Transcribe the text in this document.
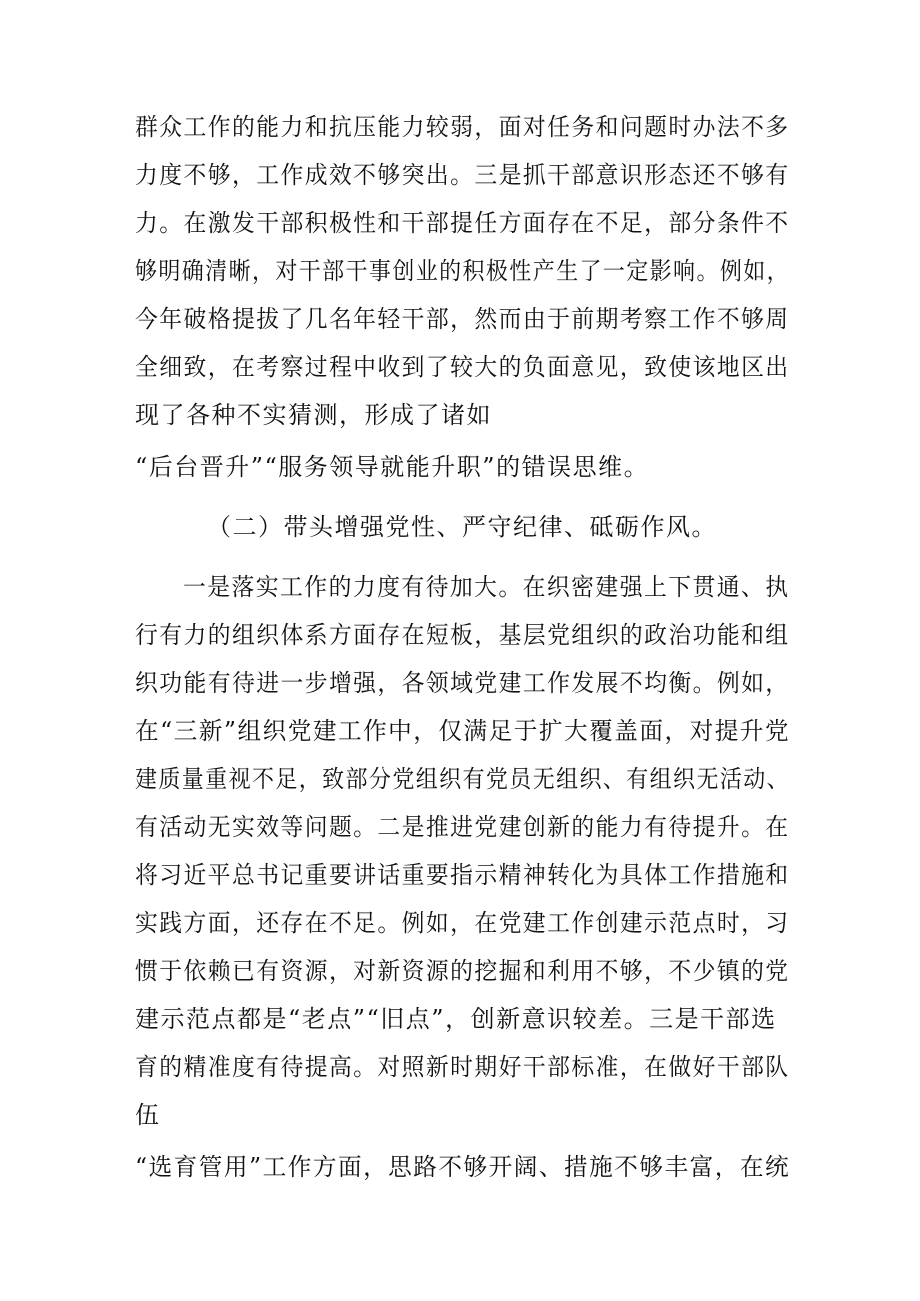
群众工作的能力和抗压能力较弱，面对任务和问题时办法不多
力度不够，工作成效不够突出。三是抓干部意识形态还不够有
力。在激发干部积极性和干部提任方面存在不足，部分条件不
够明确清晰，对干部干事创业的积极性产生了一定影响。例如，
今年破格提拔了几名年轻干部，然而由于前期考察工作不够周
全细致，在考察过程中收到了较大的负面意见，致使该地区出
现了各种不实猜测，形成了诸如
“后台晋升”“服务领导就能升职”的错误思维。
（二）带头增强党性、严守纪律、砥砺作风。
一是落实工作的力度有待加大。在织密建强上下贯通、执
行有力的组织体系方面存在短板，基层党组织的政治功能和组
织功能有待进一步增强，各领域党建工作发展不均衡。例如，
在“三新”组织党建工作中，仅满足于扩大覆盖面，对提升党
建质量重视不足，致部分党组织有党员无组织、有组织无活动、
有活动无实效等问题。二是推进党建创新的能力有待提升。在
将习近平总书记重要讲话重要指示精神转化为具体工作措施和
实践方面，还存在不足。例如，在党建工作创建示范点时，习
惯于依赖已有资源，对新资源的挖掘和利用不够，不少镇的党
建示范点都是“老点”“旧点”，创新意识较差。三是干部选
育的精准度有待提高。对照新时期好干部标准，在做好干部队
伍
“选育管用”工作方面，思路不够开阔、措施不够丰富，在统
